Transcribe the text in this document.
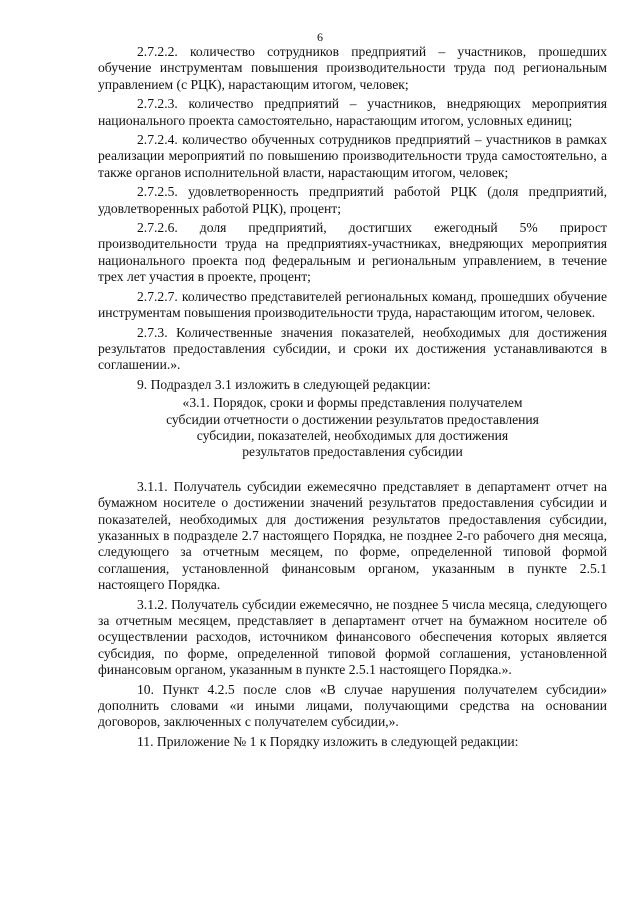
6

2.7.2.2. количество сотрудников предприятий – участников, прошедших обучение инструментам повышения производительности труда под региональным управлением (с РЦК), нарастающим итогом, человек;

2.7.2.3. количество предприятий – участников, внедряющих мероприятия национального проекта самостоятельно, нарастающим итогом, условных единиц;

2.7.2.4. количество обученных сотрудников предприятий – участников в рамках реализации мероприятий по повышению производительности труда самостоятельно, а также органов исполнительной власти, нарастающим итогом, человек;

2.7.2.5. удовлетворенность предприятий работой РЦК (доля предприятий, удовлетворенных работой РЦК), процент;

2.7.2.6. доля предприятий, достигших ежегодный 5% прирост производительности труда на предприятиях-участниках, внедряющих мероприятия национального проекта под федеральным и региональным управлением, в течение трех лет участия в проекте, процент;

2.7.2.7. количество представителей региональных команд, прошедших обучение инструментам повышения производительности труда, нарастающим итогом, человек.

2.7.3. Количественные значения показателей, необходимых для достижения результатов предоставления субсидии, и сроки их достижения устанавливаются в соглашении.».

9. Подраздел 3.1 изложить в следующей редакции:

«3.1. Порядок, сроки и формы представления получателем
субсидии отчетности о достижении результатов предоставления
субсидии, показателей, необходимых для достижения
результатов предоставления субсидии

3.1.1. Получатель субсидии ежемесячно представляет в департамент отчет на бумажном носителе о достижении значений результатов предоставления субсидии и показателей, необходимых для достижения результатов предоставления субсидии, указанных в подразделе 2.7 настоящего Порядка, не позднее 2-го рабочего дня месяца, следующего за отчетным месяцем, по форме, определенной типовой формой соглашения, установленной финансовым органом, указанным в пункте 2.5.1 настоящего Порядка.

3.1.2. Получатель субсидии ежемесячно, не позднее 5 числа месяца, следующего за отчетным месяцем, представляет в департамент отчет на бумажном носителе об осуществлении расходов, источником финансового обеспечения которых является субсидия, по форме, определенной типовой формой соглашения, установленной финансовым органом, указанным в пункте 2.5.1 настоящего Порядка.».

10. Пункт 4.2.5 после слов «В случае нарушения получателем субсидии» дополнить словами «и иными лицами, получающими средства на основании договоров, заключенных с получателем субсидии,».

11. Приложение № 1 к Порядку изложить в следующей редакции:
